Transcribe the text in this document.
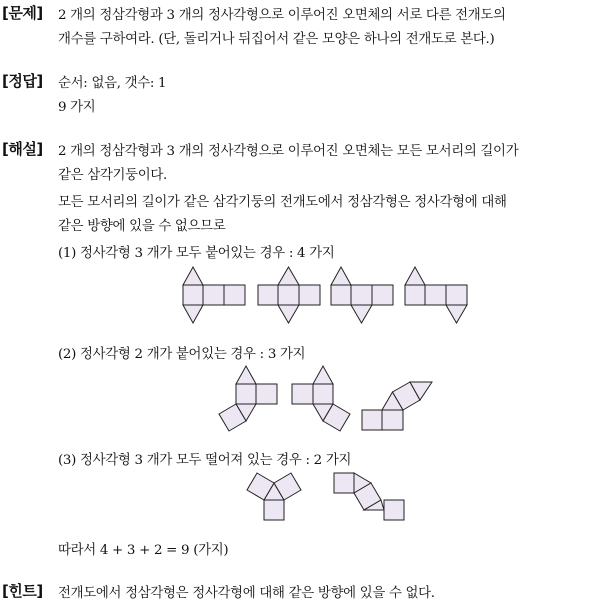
[문제] 2 개의 정삼각형과 3 개의 정사각형으로 이루어진 오면체의 서로 다른 전개도의
개수를 구하여라. (단, 돌리거나 뒤집어서 같은 모양은 하나의 전개도로 본다.)
[정답] 순서: 없음, 갯수: 1
9 가지
[해설] 2 개의 정삼각형과 3 개의 정사각형으로 이루어진 오면체는 모든 모서리의 길이가
같은 삼각기둥이다.
모든 모서리의 길이가 같은 삼각기둥의 전개도에서 정삼각형은 정사각형에 대해
같은 방향에 있을 수 없으므로
(1) 정사각형 3 개가 모두 붙어있는 경우 : 4 가지
(2) 정사각형 2 개가 붙어있는 경우 : 3 가지
(3) 정사각형 3 개가 모두 떨어져 있는 경우 : 2 가지
따라서 4 + 3 + 2 = 9 (가지)
[힌트] 전개도에서 정삼각형은 정사각형에 대해 같은 방향에 있을 수 없다.
